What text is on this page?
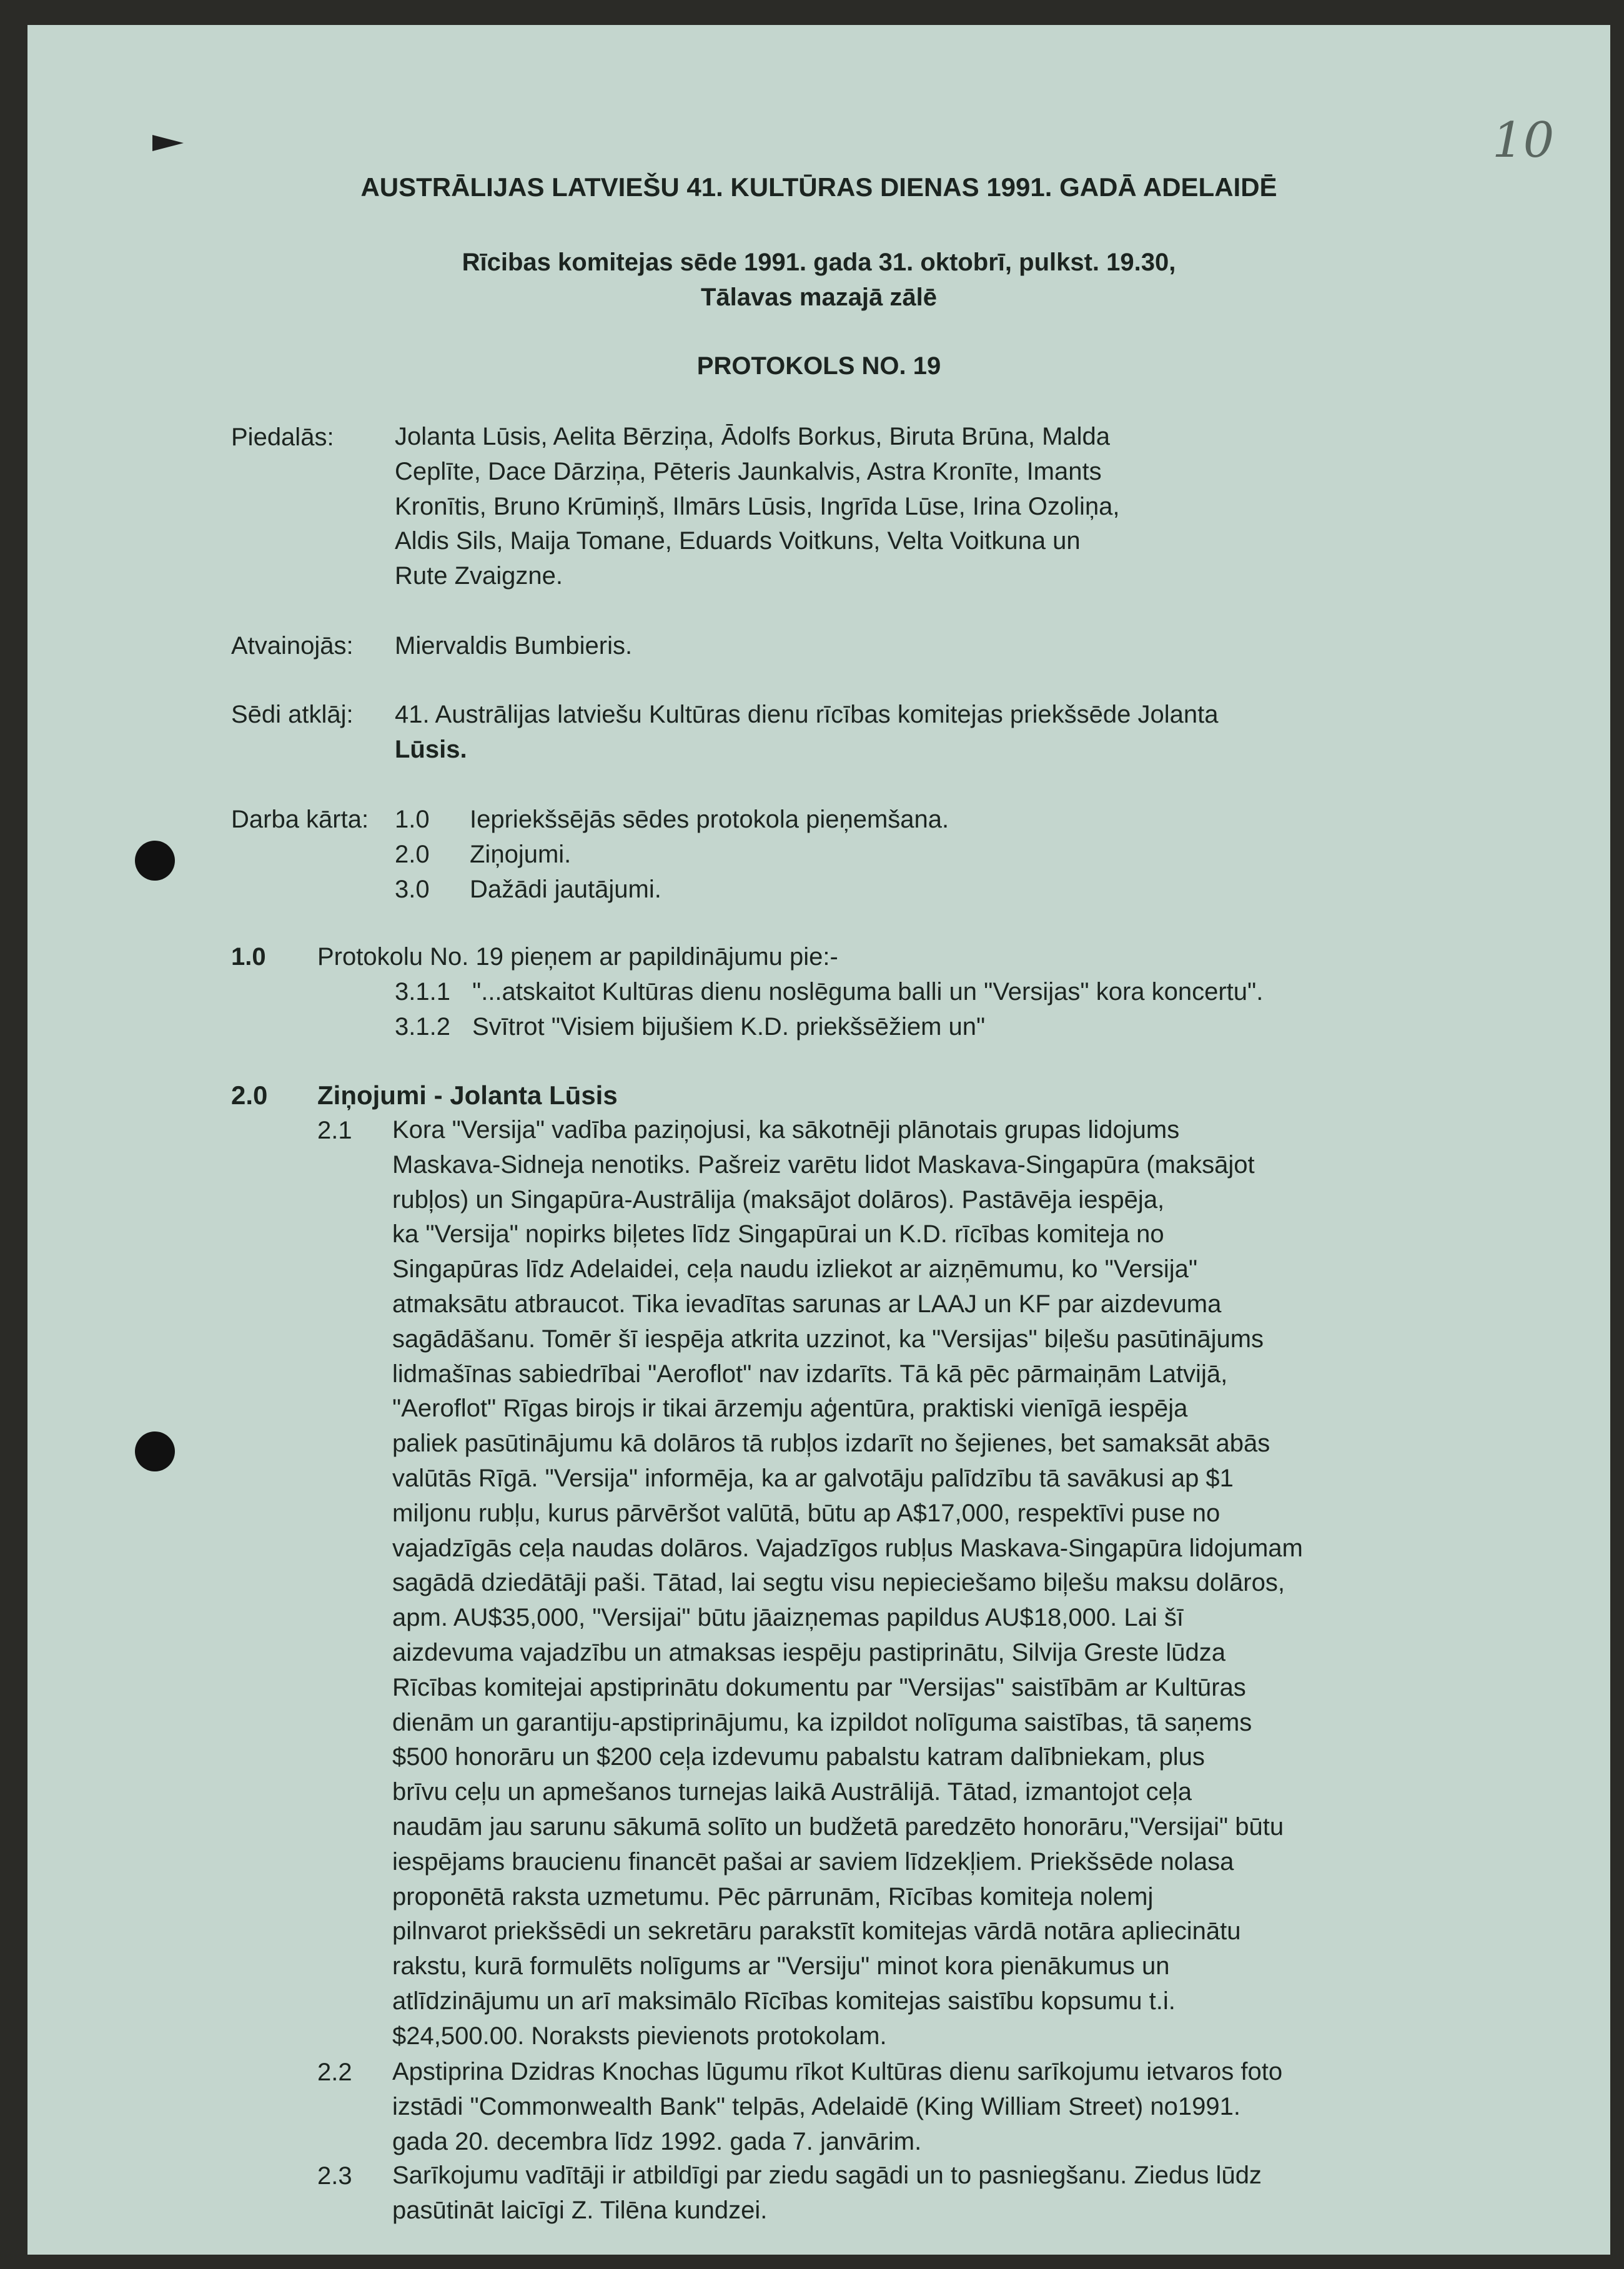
10
AUSTRĀLIJAS LATVIEŠU 41. KULTŪRAS DIENAS 1991. GADĀ ADELAIDĒ
Rīcibas komitejas sēde 1991. gada 31. oktobrī, pulkst. 19.30,
Tālavas mazajā zālē
PROTOKOLS NO. 19
Piedalās: Jolanta Lūsis, Aelita Bērziņa, Ādolfs Borkus, Biruta Brūna, Malda
Ceplīte, Dace Dārziņa, Pēteris Jaunkalvis, Astra Kronīte, Imants
Kronītis, Bruno Krūmiņš, Ilmārs Lūsis, Ingrīda Lūse, Irina Ozoliņa,
Aldis Sils, Maija Tomane, Eduards Voitkuns, Velta Voitkuna un
Rute Zvaigzne.
Atvainojās: Miervaldis Bumbieris.
Sēdi atklāj: 41. Austrālijas latviešu Kultūras dienu rīcības komitejas priekšsēde Jolanta
Lūsis.
Darba kārta: 1.0 Iepriekšsējās sēdes protokola pieņemšana.
2.0 Ziņojumi.
3.0 Dažādi jautājumi.
1.0 Protokolu No. 19 pieņem ar papildinājumu pie:-
3.1.1 "...atskaitot Kultūras dienu noslēguma balli un "Versijas" kora koncertu".
3.1.2 Svītrot "Visiem bijušiem K.D. priekšsēžiem un"
2.0 Ziņojumi - Jolanta Lūsis
2.1 Kora "Versija" vadība paziņojusi, ka sākotnēji plānotais grupas lidojums
Maskava-Sidneja nenotiks. Pašreiz varētu lidot Maskava-Singapūra (maksājot
rubļos) un Singapūra-Austrālija (maksājot dolāros). Pastāvēja iespēja,
ka "Versija" nopirks biļetes līdz Singapūrai un K.D. rīcības komiteja no
Singapūras līdz Adelaidei, ceļa naudu izliekot ar aizņēmumu, ko "Versija"
atmaksātu atbraucot. Tika ievadītas sarunas ar LAAJ un KF par aizdevuma
sagādāšanu. Tomēr šī iespēja atkrita uzzinot, ka "Versijas" biļešu pasūtinājums
lidmašīnas sabiedrībai "Aeroflot" nav izdarīts. Tā kā pēc pārmaiņām Latvijā,
"Aeroflot" Rīgas birojs ir tikai ārzemju aģentūra, praktiski vienīgā iespēja
paliek pasūtinājumu kā dolāros tā rubļos izdarīt no šejienes, bet samaksāt abās
valūtās Rīgā. "Versija" informēja, ka ar galvotāju palīdzību tā savākusi ap $1
miljonu rubļu, kurus pārvēršot valūtā, būtu ap A$17,000, respektīvi puse no
vajadzīgās ceļa naudas dolāros. Vajadzīgos rubļus Maskava-Singapūra lidojumam
sagādā dziedātāji paši. Tātad, lai segtu visu nepieciešamo biļešu maksu dolāros,
apm. AU$35,000, "Versijai" būtu jāaizņemas papildus AU$18,000. Lai šī
aizdevuma vajadzību un atmaksas iespēju pastiprinātu, Silvija Greste lūdza
Rīcības komitejai apstiprinātu dokumentu par "Versijas" saistībām ar Kultūras
dienām un garantiju-apstiprinājumu, ka izpildot nolīguma saistības, tā saņems
$500 honorāru un $200 ceļa izdevumu pabalstu katram dalībniekam, plus
brīvu ceļu un apmešanos turnejas laikā Austrālijā. Tātad, izmantojot ceļa
naudām jau sarunu sākumā solīto un budžetā paredzēto honorāru,"Versijai" būtu
iespējams braucienu financēt pašai ar saviem līdzekļiem. Priekšsēde nolasa
proponētā raksta uzmetumu. Pēc pārrunām, Rīcības komiteja nolemj
pilnvarot priekšsēdi un sekretāru parakstīt komitejas vārdā notāra apliecinātu
rakstu, kurā formulēts nolīgums ar "Versiju" minot kora pienākumus un
atlīdzinājumu un arī maksimālo Rīcības komitejas saistību kopsumu t.i.
$24,500.00. Noraksts pievienots protokolam.
2.2 Apstiprina Dzidras Knochas lūgumu rīkot Kultūras dienu sarīkojumu ietvaros foto
izstādi "Commonwealth Bank" telpās, Adelaidē (King William Street) no1991.
gada 20. decembra līdz 1992. gada 7. janvārim.
2.3 Sarīkojumu vadītāji ir atbildīgi par ziedu sagādi un to pasniegšanu. Ziedus lūdz
pasūtināt laicīgi Z. Tilēna kundzei.
